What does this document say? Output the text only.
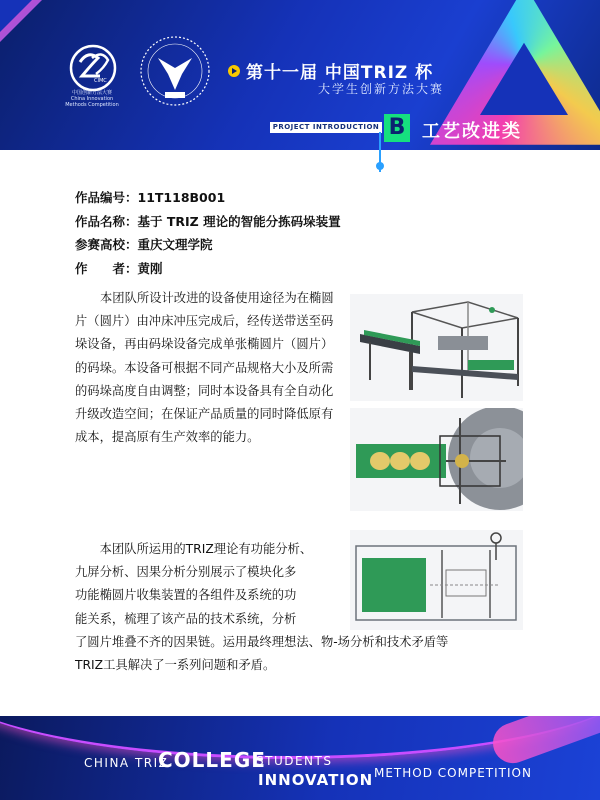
CIMC
中国创新方法大赛
China Innovation
Methods Competition
第十一届 中国TRIZ 杯
大学生创新方法大赛
PROJECT INTRODUCTION B 工艺改进类
作品编号：11T118B001
作品名称：基于 TRIZ 理论的智能分拣码垛装置
参赛高校：重庆文理学院
作　　者：黄刚
本团队所设计改进的设备使用途径为在椭圆片（圆片）由冲床冲压完成后，经传送带送至码垛设备，再由码垛设备完成单张椭圆片（圆片）的码垛。本设备可根据不同产品规格大小及所需的码垛高度自由调整；同时本设备具有全自动化升级改造空间；在保证产品质量的同时降低原有成本，提高原有生产效率的能力。
　　本团队所运用的TRIZ理论有功能分析、
九屏分析、因果分析分别展示了模块化多
功能椭圆片收集装置的各组件及系统的功
能关系，梳理了该产品的技术系统，分析
了圆片堆叠不齐的因果链。运用最终理想法、物-场分析和技术矛盾等
TRIZ工具解决了一系列问题和矛盾。
CHINA TRIZ
COLLEGE
STUDENTS
INNOVATION METHOD COMPETITION
